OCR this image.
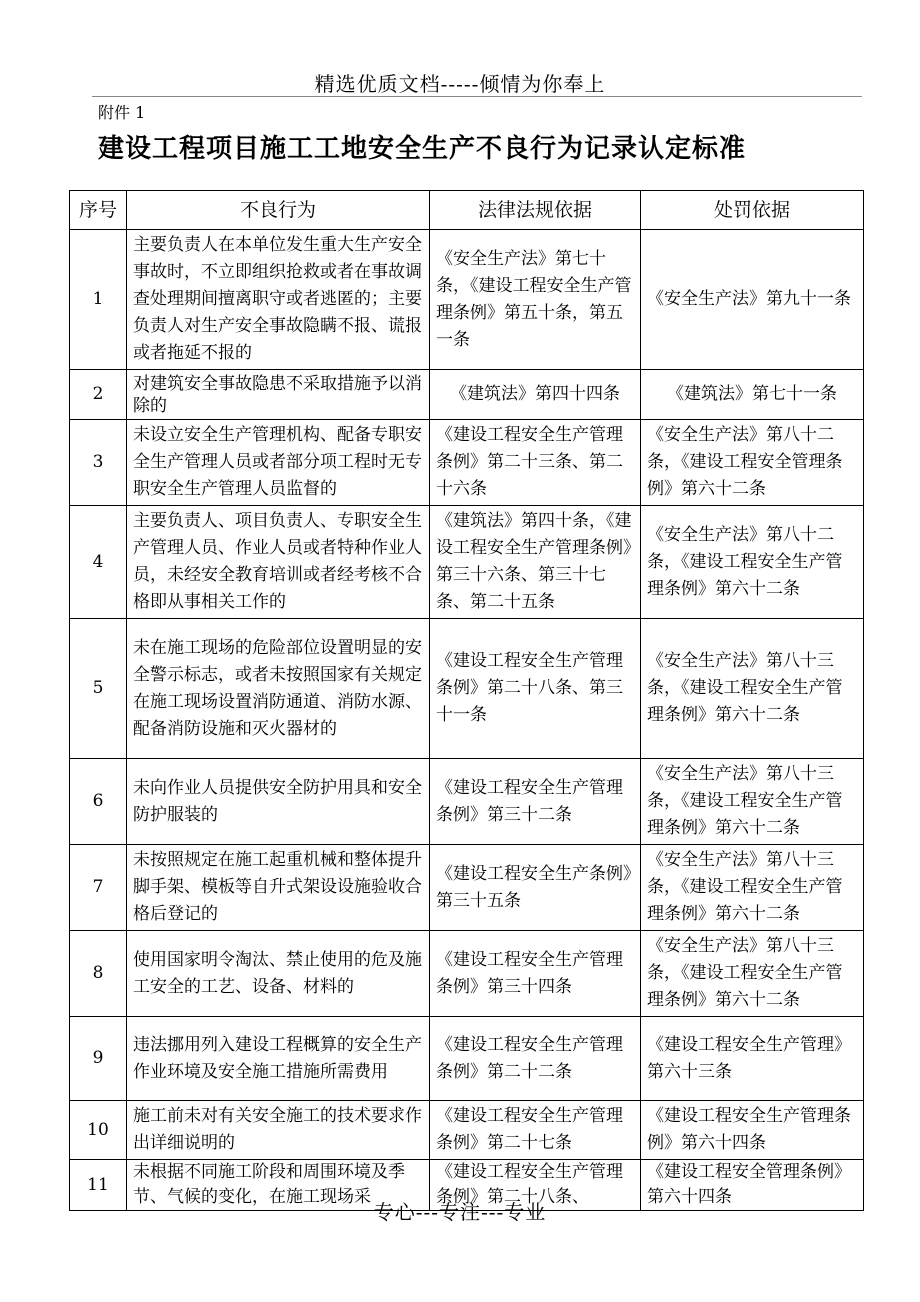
精选优质文档-----倾情为你奉上
附件 1
建设工程项目施工工地安全生产不良行为记录认定标准
序号	不良行为	法律法规依据	处罚依据
1	主要负责人在本单位发生重大生产安全事故时，不立即组织抢救或者在事故调查处理期间擅离职守或者逃匿的；主要负责人对生产安全事故隐瞒不报、谎报或者拖延不报的	《安全生产法》第七十条，《建设工程安全生产管理条例》第五十条，第五一条	《安全生产法》第九十一条
2	对建筑安全事故隐患不采取措施予以消除的	《建筑法》第四十四条	《建筑法》第七十一条
3	未设立安全生产管理机构、配备专职安全生产管理人员或者部分项工程时无专职安全生产管理人员监督的	《建设工程安全生产管理条例》第二十三条、第二十六条	《安全生产法》第八十二条，《建设工程安全管理条例》第六十二条
4	主要负责人、项目负责人、专职安全生产管理人员、作业人员或者特种作业人员，未经安全教育培训或者经考核不合格即从事相关工作的	《建筑法》第四十条，《建设工程安全生产管理条例》第三十六条、第三十七条、第二十五条	《安全生产法》第八十二条，《建设工程安全生产管理条例》第六十二条
5	未在施工现场的危险部位设置明显的安全警示标志，或者未按照国家有关规定在施工现场设置消防通道、消防水源、配备消防设施和灭火器材的	《建设工程安全生产管理条例》第二十八条、第三十一条	《安全生产法》第八十三条，《建设工程安全生产管理条例》第六十二条
6	未向作业人员提供安全防护用具和安全防护服装的	《建设工程安全生产管理条例》第三十二条	《安全生产法》第八十三条，《建设工程安全生产管理条例》第六十二条
7	未按照规定在施工起重机械和整体提升脚手架、模板等自升式架设设施验收合格后登记的	《建设工程安全生产条例》第三十五条	《安全生产法》第八十三条，《建设工程安全生产管理条例》第六十二条
8	使用国家明令淘汰、禁止使用的危及施工安全的工艺、设备、材料的	《建设工程安全生产管理条例》第三十四条	《安全生产法》第八十三条，《建设工程安全生产管理条例》第六十二条
9	违法挪用列入建设工程概算的安全生产作业环境及安全施工措施所需费用	《建设工程安全生产管理条例》第二十二条	《建设工程安全生产管理》第六十三条
10	施工前未对有关安全施工的技术要求作出详细说明的	《建设工程安全生产管理条例》第二十七条	《建设工程安全生产管理条例》第六十四条
11	未根据不同施工阶段和周围环境及季节、气候的变化，在施工现场采	《建设工程安全生产管理条例》第二十八条、	《建设工程安全管理条例》第六十四条
专心---专注---专业
